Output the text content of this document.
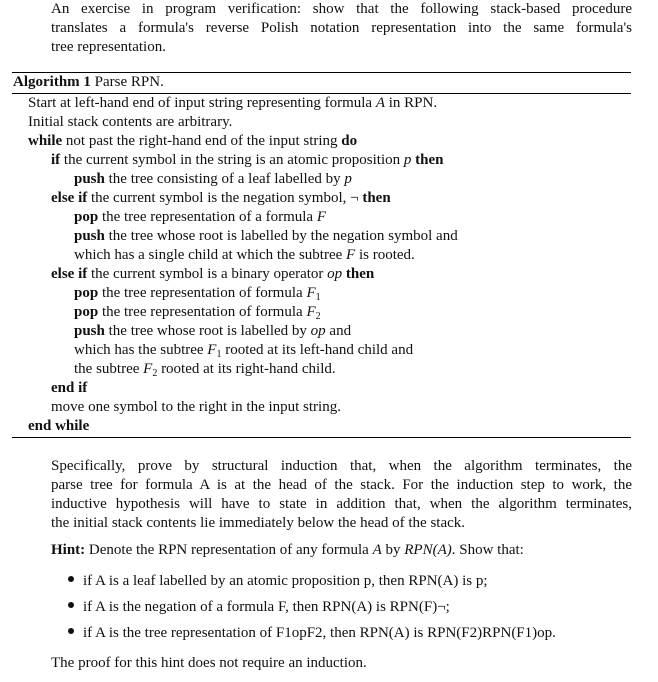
An exercise in program verification: show that the following stack-based procedure
translates a formula's reverse Polish notation representation into the same formula's
tree representation.
Algorithm 1 Parse RPN.
Start at left-hand end of input string representing formula A in RPN.
Initial stack contents are arbitrary.
while not past the right-hand end of the input string do
if the current symbol in the string is an atomic proposition p then
push the tree consisting of a leaf labelled by p
else if the current symbol is the negation symbol, ¬ then
pop the tree representation of a formula F
push the tree whose root is labelled by the negation symbol and
which has a single child at which the subtree F is rooted.
else if the current symbol is a binary operator op then
pop the tree representation of formula $F_1$
pop the tree representation of formula $F_2$
push the tree whose root is labelled by op and
which has the subtree $F_1$ rooted at its left-hand child and
the subtree $F_2$ rooted at its right-hand child.
end if
move one symbol to the right in the input string.
end while
Specifically, prove by structural induction that, when the algorithm terminates, the
parse tree for formula A is at the head of the stack. For the induction step to work, the
inductive hypothesis will have to state in addition that, when the algorithm terminates,
the initial stack contents lie immediately below the head of the stack.
Hint: Denote the RPN representation of any formula A by RPN(A). Show that:
if A is a leaf labelled by an atomic proposition p, then RPN(A) is p;
if A is the negation of a formula F, then RPN(A) is RPN(F)¬;
if A is the tree representation of F1opF2, then RPN(A) is RPN(F2)RPN(F1)op.
The proof for this hint does not require an induction.
